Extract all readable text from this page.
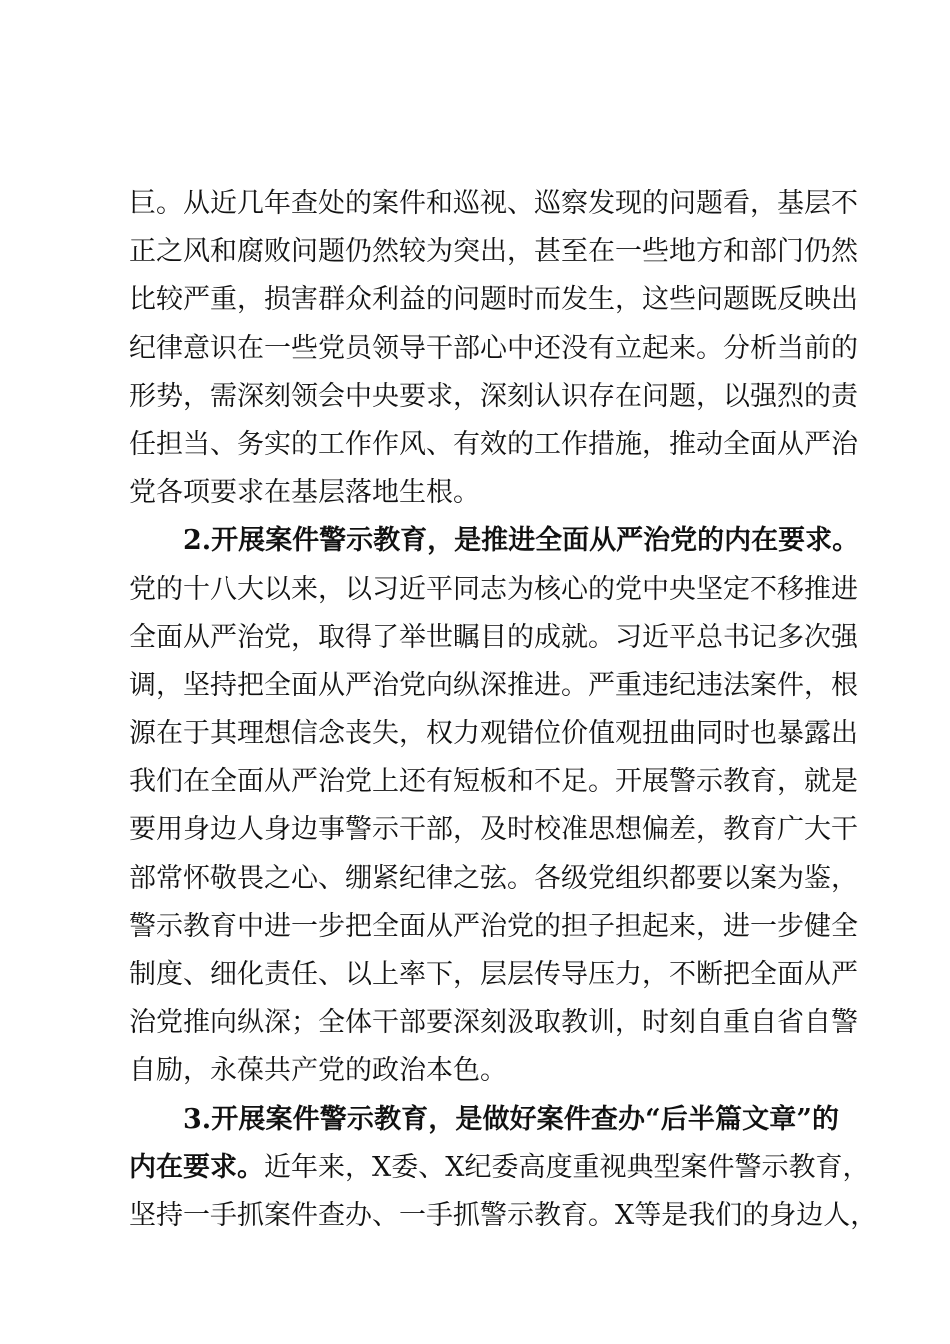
巨。从近几年查处的案件和巡视、巡察发现的问题看，基层不
正之风和腐败问题仍然较为突出，甚至在一些地方和部门仍然
比较严重，损害群众利益的问题时而发生，这些问题既反映出
纪律意识在一些党员领导干部心中还没有立起来。分析当前的
形势，需深刻领会中央要求，深刻认识存在问题，以强烈的责
任担当、务实的工作作风、有效的工作措施，推动全面从严治
党各项要求在基层落地生根。
2.开展案件警示教育，是推进全面从严治党的内在要求。
党的十八大以来，以习近平同志为核心的党中央坚定不移推进
全面从严治党，取得了举世瞩目的成就。习近平总书记多次强
调，坚持把全面从严治党向纵深推进。严重违纪违法案件，根
源在于其理想信念丧失，权力观错位价值观扭曲同时也暴露出
我们在全面从严治党上还有短板和不足。开展警示教育，就是
要用身边人身边事警示干部，及时校准思想偏差，教育广大干
部常怀敬畏之心、绷紧纪律之弦。各级党组织都要以案为鉴，
警示教育中进一步把全面从严治党的担子担起来，进一步健全
制度、细化责任、以上率下，层层传导压力，不断把全面从严
治党推向纵深；全体干部要深刻汲取教训，时刻自重自省自警
自励，永葆共产党的政治本色。
3.开展案件警示教育，是做好案件查办“后半篇文章”的
内在要求。近年来，X委、X纪委高度重视典型案件警示教育，
坚持一手抓案件查办、一手抓警示教育。X等是我们的身边人，
